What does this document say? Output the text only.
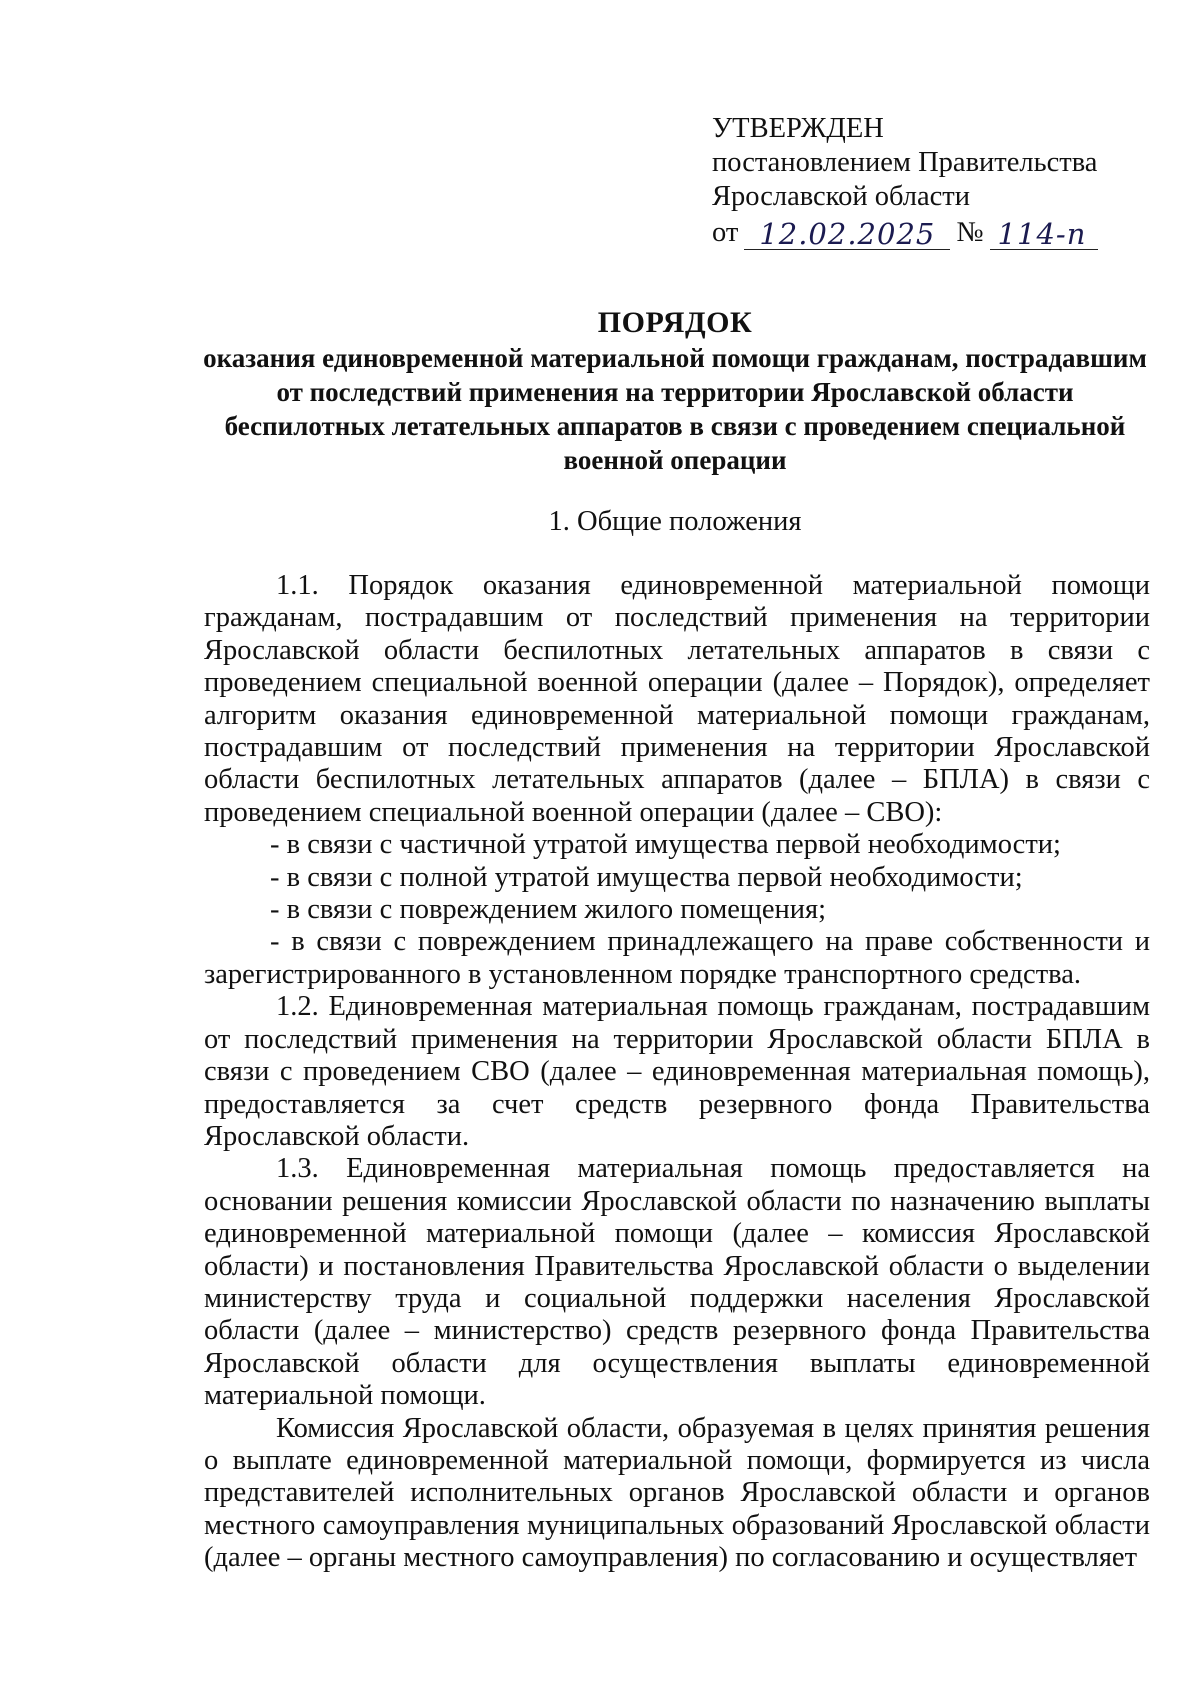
УТВЕРЖДЕН
постановлением Правительства
Ярославской области
от 12.02.2025 № 114-п
ПОРЯДОК
оказания единовременной материальной помощи гражданам, пострадавшим от последствий применения на территории Ярославской области беспилотных летательных аппаратов в связи с проведением специальной военной операции
1. Общие положения

1.1. Порядок оказания единовременной материальной помощи гражданам, пострадавшим от последствий применения на территории Ярославской области беспилотных летательных аппаратов в связи с проведением специальной военной операции (далее – Порядок), определяет алгоритм оказания единовременной материальной помощи гражданам, пострадавшим от последствий применения на территории Ярославской области беспилотных летательных аппаратов (далее – БПЛА) в связи с проведением специальной военной операции (далее – СВО):

- в связи с частичной утратой имущества первой необходимости;

- в связи с полной утратой имущества первой необходимости;

- в связи с повреждением жилого помещения;

- в связи с повреждением принадлежащего на праве собственности и зарегистрированного в установленном порядке транспортного средства.

1.2. Единовременная материальная помощь гражданам, пострадавшим от последствий применения на территории Ярославской области БПЛА в связи с проведением СВО (далее – единовременная материальная помощь), предоставляется за счет средств резервного фонда Правительства Ярославской области.

1.3. Единовременная материальная помощь предоставляется на основании решения комиссии Ярославской области по назначению выплаты единовременной материальной помощи (далее – комиссия Ярославской области) и постановления Правительства Ярославской области о выделении министерству труда и социальной поддержки населения Ярославской области (далее – министерство) средств резервного фонда Правительства Ярославской области для осуществления выплаты единовременной материальной помощи.

Комиссия Ярославской области, образуемая в целях принятия решения о выплате единовременной материальной помощи, формируется из числа представителей исполнительных органов Ярославской области и органов местного самоуправления муниципальных образований Ярославской области (далее – органы местного самоуправления) по согласованию и осуществляет
